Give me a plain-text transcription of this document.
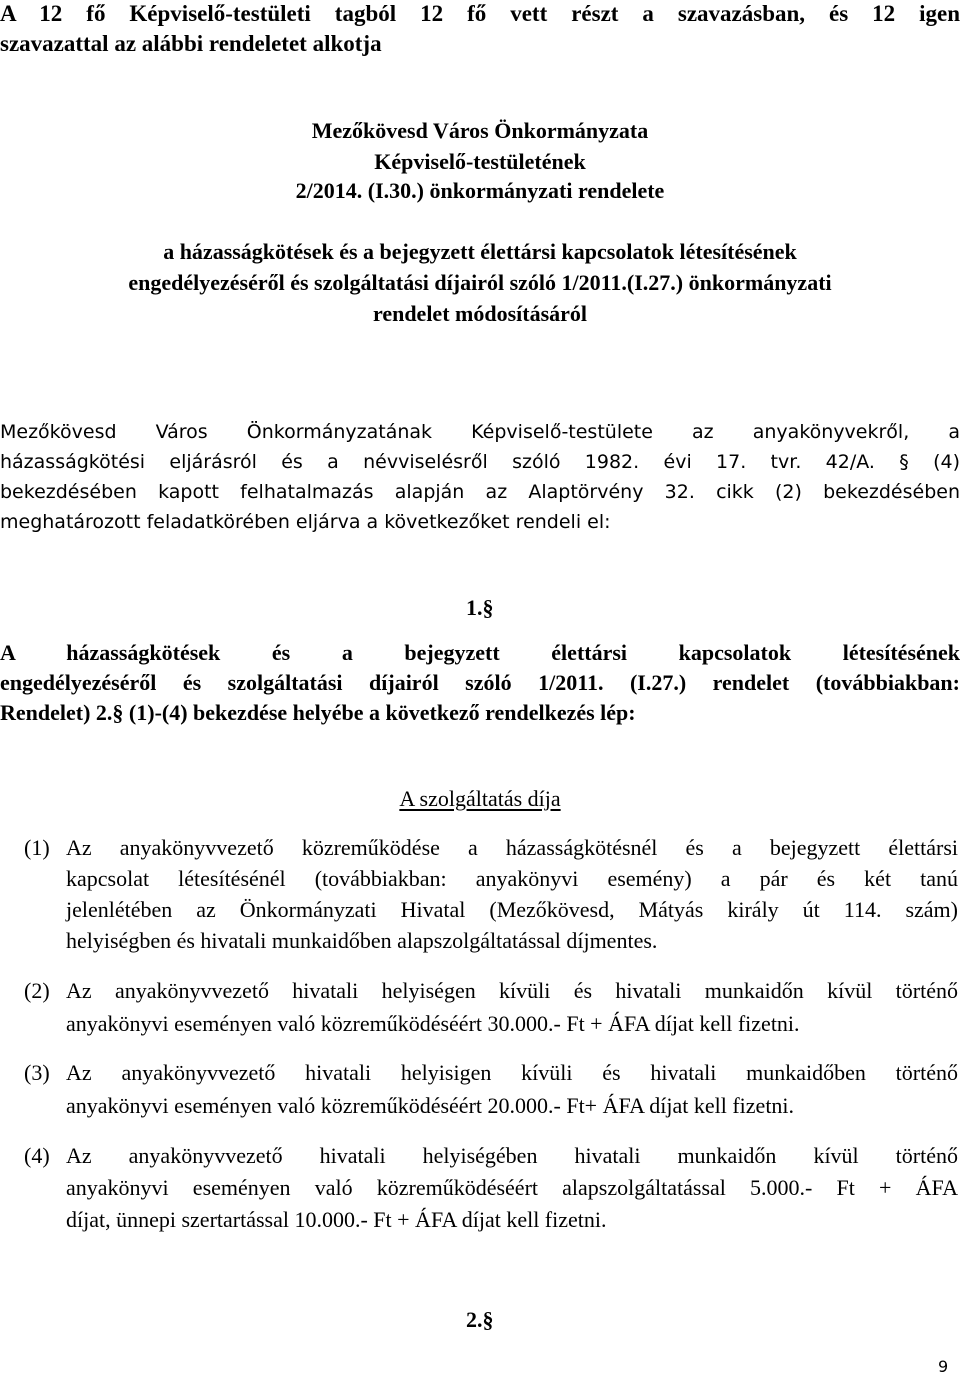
A 12 fő Képviselő-testületi tagból 12 fő vett részt a szavazásban, és 12 igen
szavazattal az alábbi rendeletet alkotja
Mezőkövesd Város Önkormányzata
Képviselő-testületének
2/2014. (I.30.) önkormányzati rendelete
a házasságkötések és a bejegyzett élettársi kapcsolatok létesítésének
engedélyezéséről és szolgáltatási díjairól szóló 1/2011.(I.27.) önkormányzati
rendelet módosításáról
Mezőkövesd Város Önkormányzatának Képviselő-testülete az anyakönyvekről, a
házasságkötési eljárásról és a névviselésről szóló 1982. évi 17. tvr. 42/A. § (4)
bekezdésében kapott felhatalmazás alapján az Alaptörvény 32. cikk (2) bekezdésében
meghatározott feladatkörében eljárva a következőket rendeli el:
1.§
A házasságkötések és a bejegyzett élettársi kapcsolatok létesítésének
engedélyezéséről és szolgáltatási díjairól szóló 1/2011. (I.27.) rendelet (továbbiakban:
Rendelet) 2.§ (1)-(4) bekezdése helyébe a következő rendelkezés lép:
A szolgáltatás díja
(1) Az anyakönyvvezető közreműködése a házasságkötésnél és a bejegyzett élettársi
kapcsolat létesítésénél (továbbiakban: anyakönyvi esemény) a pár és két tanú
jelenlétében az Önkormányzati Hivatal (Mezőkövesd, Mátyás király út 114. szám)
helyiségben és hivatali munkaidőben alapszolgáltatással díjmentes.
(2) Az anyakönyvvezető hivatali helyiségen kívüli és hivatali munkaidőn kívül történő
anyakönyvi eseményen való közreműködéséért 30.000.- Ft + ÁFA díjat kell fizetni.
(3) Az anyakönyvvezető hivatali helyisigen kívüli és hivatali munkaidőben történő
anyakönyvi eseményen való közreműködéséért 20.000.- Ft+ ÁFA díjat kell fizetni.
(4) Az anyakönyvvezető hivatali helyiségében hivatali munkaidőn kívül történő
anyakönyvi eseményen való közreműködéséért alapszolgáltatással 5.000.- Ft + ÁFA
díjat, ünnepi szertartással 10.000.- Ft + ÁFA díjat kell fizetni.
2.§
9
